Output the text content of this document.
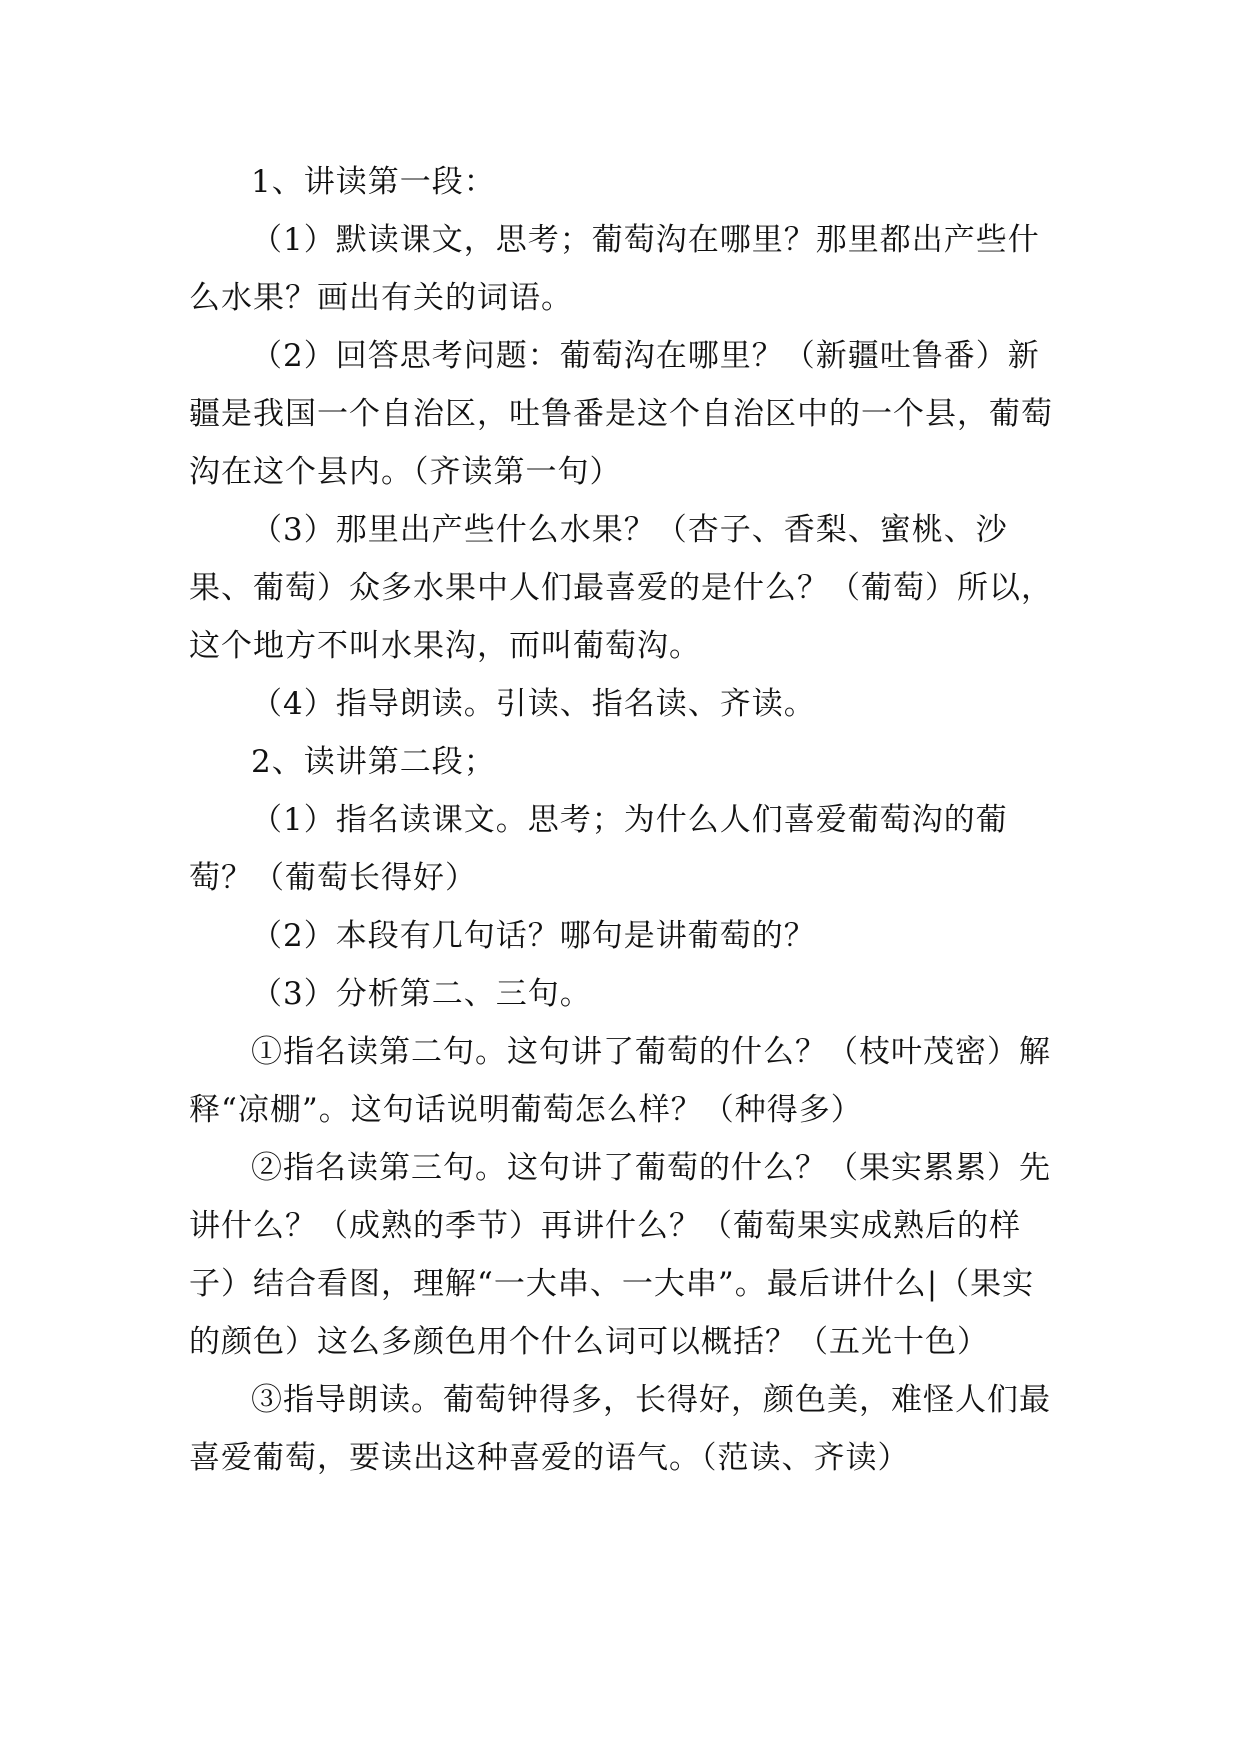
1、讲读第一段：

（1）默读课文，思考；葡萄沟在哪里？那里都出产些什么水果？画出有关的词语。

（2）回答思考问题：葡萄沟在哪里？（新疆吐鲁番）新疆是我国一个自治区，吐鲁番是这个自治区中的一个县，葡萄沟在这个县内。（齐读第一句）

（3）那里出产些什么水果？（杏子、香梨、蜜桃、沙果、葡萄）众多水果中人们最喜爱的是什么？（葡萄）所以，这个地方不叫水果沟，而叫葡萄沟。

（4）指导朗读。引读、指名读、齐读。

2、读讲第二段；

（1）指名读课文。思考；为什么人们喜爱葡萄沟的葡萄？（葡萄长得好）

（2）本段有几句话？哪句是讲葡萄的？

（3）分析第二、三句。

①指名读第二句。这句讲了葡萄的什么？（枝叶茂密）解释“凉棚”。这句话说明葡萄怎么样？（种得多）

②指名读第三句。这句讲了葡萄的什么？（果实累累）先讲什么？（成熟的季节）再讲什么？（葡萄果实成熟后的样子）结合看图，理解“一大串、一大串”。最后讲什么|（果实的颜色）这么多颜色用个什么词可以概括？（五光十色）

③指导朗读。葡萄钟得多，长得好，颜色美，难怪人们最喜爱葡萄，要读出这种喜爱的语气。（范读、齐读）
